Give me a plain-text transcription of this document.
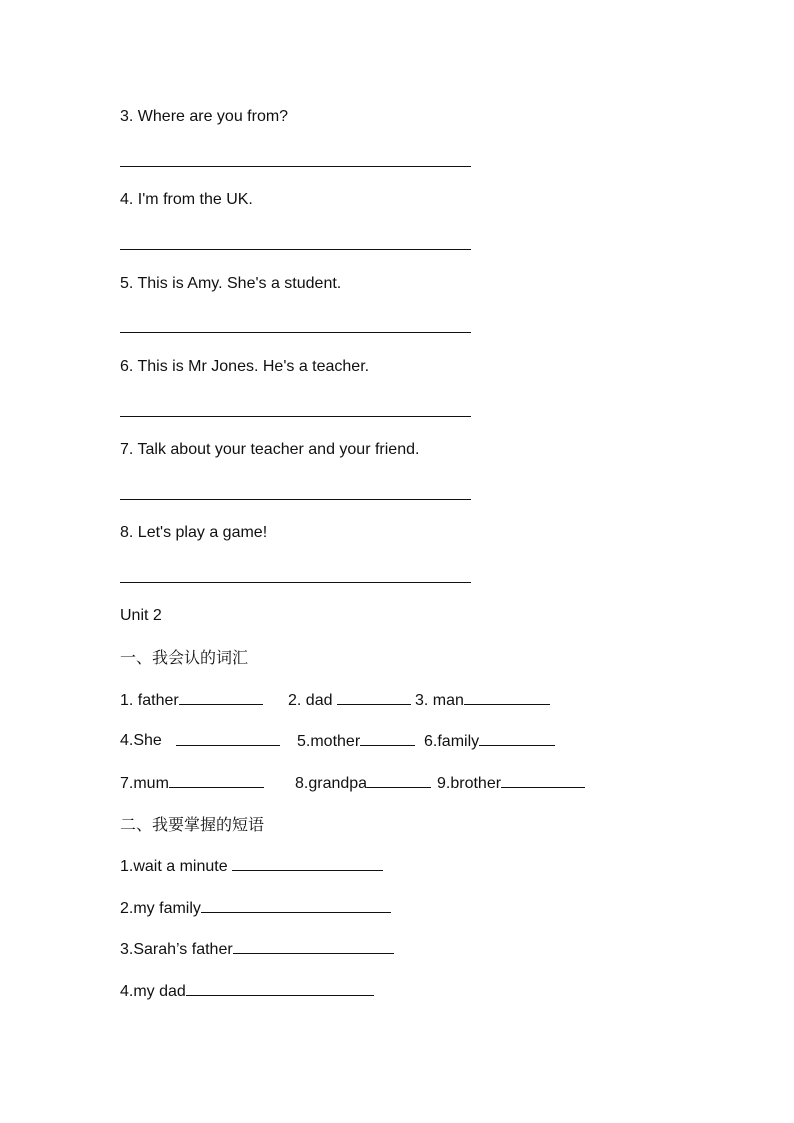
3. Where are you from?
4. I'm from the UK.
5. This is Amy. She's a student.
6. This is Mr Jones. He's a teacher.
7. Talk about your teacher and your friend.
8. Let's play a game!
Unit 2
一、我会认的词汇
1. father	2. dad	3. man
4.She	5.mother	6.family
7.mum	8.grandpa	9.brother
二、我要掌握的短语
1.wait a minute
2.my family
3.Sarah’s father
4.my dad
